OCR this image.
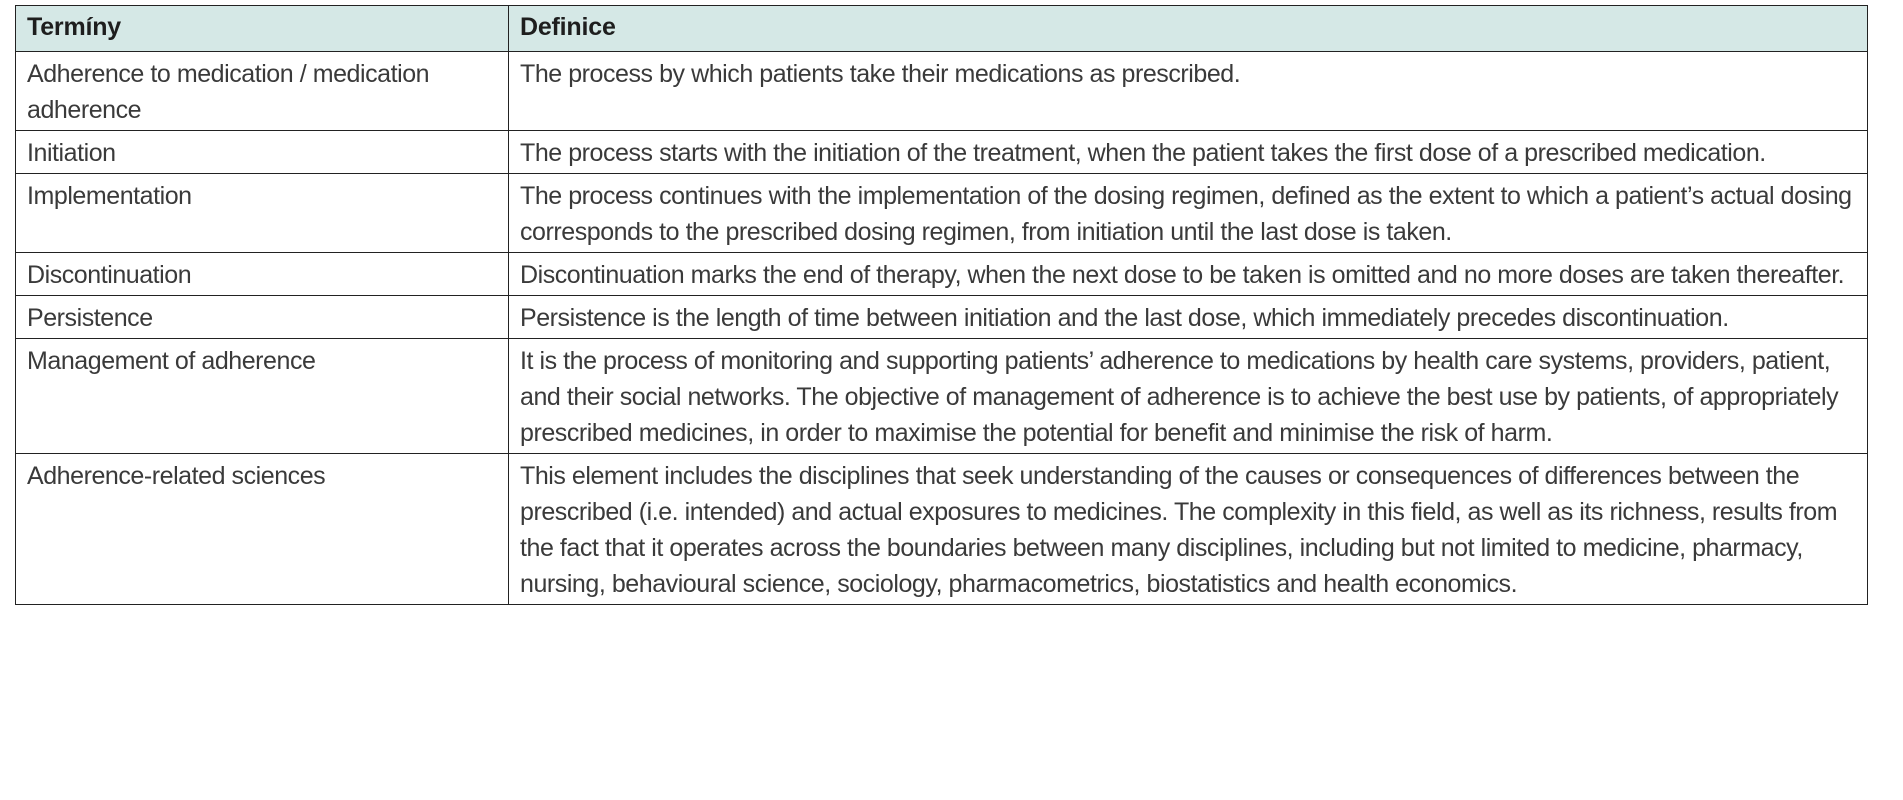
Termíny	Definice
Adherence to medication / medication adherence	The process by which patients take their medications as prescribed.
Initiation	The process starts with the initiation of the treatment, when the patient takes the first dose of a prescribed medication.
Implementation	The process continues with the implementation of the dosing regimen, defined as the extent to which a patient’s actual dosing corresponds to the prescribed dosing regimen, from initiation until the last dose is taken.
Discontinuation	Discontinuation marks the end of therapy, when the next dose to be taken is omitted and no more doses are taken thereafter.
Persistence	Persistence is the length of time between initiation and the last dose, which immediately precedes discontinuation.
Management of adherence	It is the process of monitoring and supporting patients’ adherence to medications by health care systems, providers, patient, and their social networks. The objective of management of adherence is to achieve the best use by patients, of appropriately prescribed medicines, in order to maximise the potential for benefit and minimise the risk of harm.
Adherence-related sciences	This element includes the disciplines that seek understanding of the causes or consequences of differences between the prescribed (i.e. intended) and actual exposures to medicines. The complexity in this field, as well as its richness, results from the fact that it operates across the boundaries between many disciplines, including but not limited to medicine, pharmacy, nursing, behavioural science, sociology, pharmacometrics, biostatistics and health economics.
